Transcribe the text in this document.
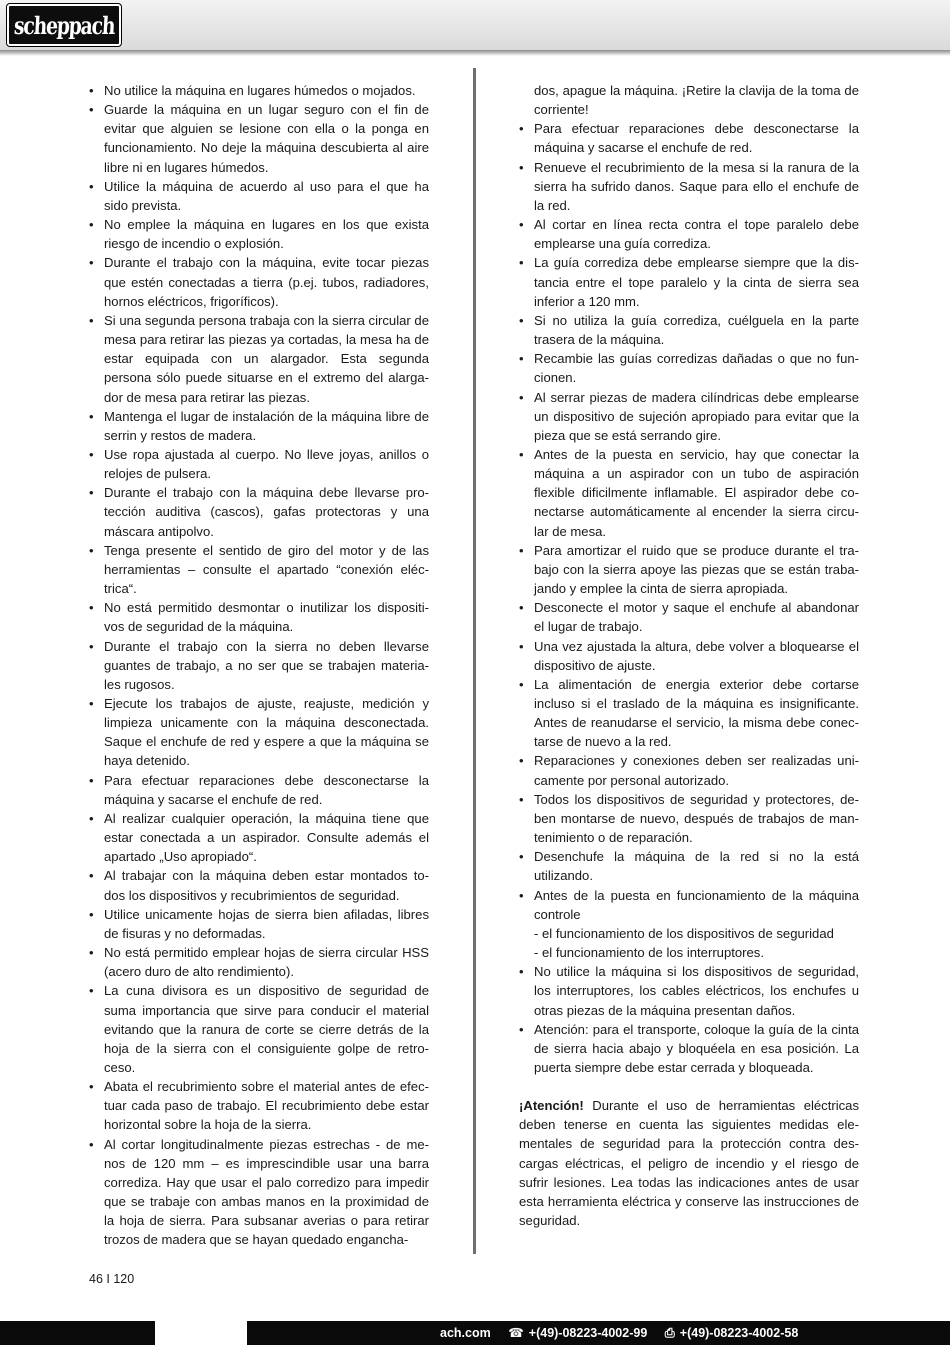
scheppach
• No utilice la máquina en lugares húmedos o mojados.
• Guarde la máquina en un lugar seguro con el fin de evitar que alguien se lesione con ella o la ponga en funcionamiento. No deje la máquina descubierta al aire libre ni en lugares húmedos.
• Utilice la máquina de acuerdo al uso para el que ha sido prevista.
• No emplee la máquina en lugares en los que exista riesgo de incendio o explosión.
• Durante el trabajo con la máquina, evite tocar piezas que estén conectadas a tierra (p.ej. tubos, radiadores, hornos eléctricos, frigoríficos).
• Si una segunda persona trabaja con la sierra circular de mesa para retirar las piezas ya cortadas, la mesa ha de estar equipada con un alargador. Esta segunda persona sólo puede situarse en el extremo del alarga-dor de mesa para retirar las piezas.
• Mantenga el lugar de instalación de la máquina libre de serrin y restos de madera.
• Use ropa ajustada al cuerpo. No lleve joyas, anillos o relojes de pulsera.
• Durante el trabajo con la máquina debe llevarse pro-tección auditiva (cascos), gafas protectoras y una máscara antipolvo.
• Tenga presente el sentido de giro del motor y de las herramientas – consulte el apartado “conexión eléc-trica“.
• No está permitido desmontar o inutilizar los dispositi-vos de seguridad de la máquina.
• Durante el trabajo con la sierra no deben llevarse guantes de trabajo, a no ser que se trabajen materia-les rugosos.
• Ejecute los trabajos de ajuste, reajuste, medición y limpieza unicamente con la máquina desconectada. Saque el enchufe de red y espere a que la máquina se haya detenido.
• Para efectuar reparaciones debe desconectarse la máquina y sacarse el enchufe de red.
• Al realizar cualquier operación, la máquina tiene que estar conectada a un aspirador. Consulte además el apartado „Uso apropiado“.
• Al trabajar con la máquina deben estar montados to-dos los dispositivos y recubrimientos de seguridad.
• Utilice unicamente hojas de sierra bien afiladas, libres de fisuras y no deformadas.
• No está permitido emplear hojas de sierra circular HSS (acero duro de alto rendimiento).
• La cuna divisora es un dispositivo de seguridad de suma importancia que sirve para conducir el material evitando que la ranura de corte se cierre detrás de la hoja de la sierra con el consiguiente golpe de retro-ceso.
• Abata el recubrimiento sobre el material antes de efec-tuar cada paso de trabajo. El recubrimiento debe estar horizontal sobre la hoja de la sierra.
• Al cortar longitudinalmente piezas estrechas - de me-nos de 120 mm – es imprescindible usar una barra corrediza. Hay que usar el palo corredizo para impedir que se trabaje con ambas manos en la proximidad de la hoja de sierra. Para subsanar averias o para retirar trozos de madera que se hayan quedado engancha-

dos, apague la máquina. ¡Retire la clavija de la toma de corriente!

• Para efectuar reparaciones debe desconectarse la máquina y sacarse el enchufe de red.
• Renueve el recubrimiento de la mesa si la ranura de la sierra ha sufrido danos. Saque para ello el enchufe de la red.
• Al cortar en línea recta contra el tope paralelo debe emplearse una guía corrediza.
• La guía corrediza debe emplearse siempre que la dis-tancia entre el tope paralelo y la cinta de sierra sea inferior a 120 mm.
• Si no utiliza la guía corrediza, cuélguela en la parte trasera de la máquina.
• Recambie las guías corredizas dañadas o que no fun-cionen.
• Al serrar piezas de madera cilíndricas debe emplearse un dispositivo de sujeción apropiado para evitar que la pieza que se está serrando gire.
• Antes de la puesta en servicio, hay que conectar la máquina a un aspirador con un tubo de aspiración flexible dificilmente inflamable. El aspirador debe co-nectarse automáticamente al encender la sierra circu-lar de mesa.
• Para amortizar el ruido que se produce durante el tra-bajo con la sierra apoye las piezas que se están traba-jando y emplee la cinta de sierra apropiada.
• Desconecte el motor y saque el enchufe al abandonar el lugar de trabajo.
• Una vez ajustada la altura, debe volver a bloquearse el dispositivo de ajuste.
• La alimentación de energia exterior debe cortarse incluso si el traslado de la máquina es insignificante. Antes de reanudarse el servicio, la misma debe conec-tarse de nuevo a la red.
• Reparaciones y conexiones deben ser realizadas uni-camente por personal autorizado.
• Todos los dispositivos de seguridad y protectores, de-ben montarse de nuevo, después de trabajos de man-tenimiento o de reparación.
• Desenchufe la máquina de la red si no la está utilizando.
• Antes de la puesta en funcionamiento de la máquina controle
- el funcionamiento de los dispositivos de seguridad
- el funcionamiento de los interruptores.
• No utilice la máquina si los dispositivos de seguridad, los interruptores, los cables eléctricos, los enchufes u otras piezas de la máquina presentan daños.
• Atención: para el transporte, coloque la guía de la cinta de sierra hacia abajo y bloquéela en esa posición. La puerta siempre debe estar cerrada y bloqueada.

¡Atención! Durante el uso de herramientas eléctricas deben tenerse en cuenta las siguientes medidas ele-mentales de seguridad para la protección contra des-cargas eléctricas, el peligro de incendio y el riesgo de sufrir lesiones. Lea todas las indicaciones antes de usar esta herramienta eléctrica y conserve las instrucciones de seguridad.

46 I 120
ach.com ☎ +(49)-08223-4002-99 ⎙ +(49)-08223-4002-58
